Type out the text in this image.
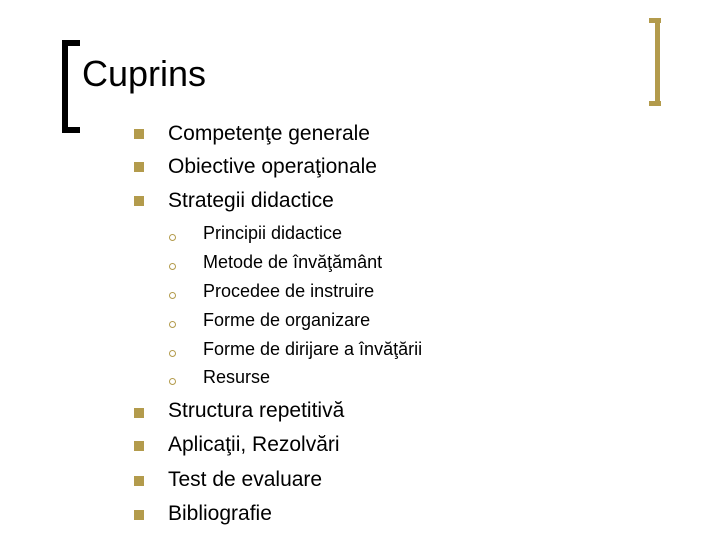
Cuprins
Competenţe generale
Obiective operaţionale
Strategii didactice
Principii didactice
Metode de învăţământ
Procedee de instruire
Forme de organizare
Forme de dirijare a învăţării
Resurse
Structura repetitivă
Aplicaţii, Rezolvări
Test de evaluare
Bibliografie
